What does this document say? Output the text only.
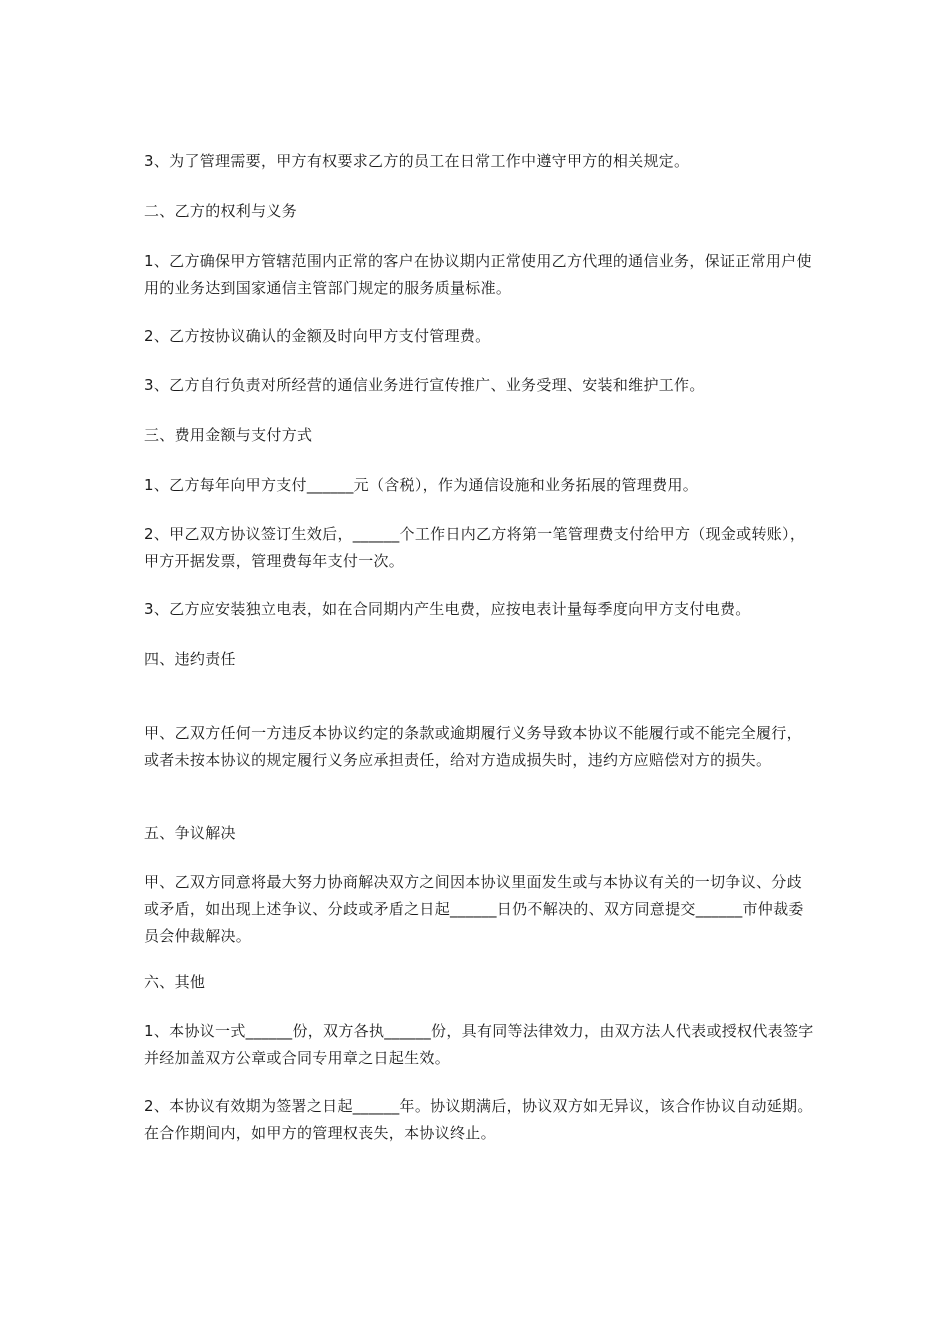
3、为了管理需要，甲方有权要求乙方的员工在日常工作中遵守甲方的相关规定。

二、乙方的权利与义务

1、乙方确保甲方管辖范围内正常的客户在协议期内正常使用乙方代理的通信业务，保证正常用户使用的业务达到国家通信主管部门规定的服务质量标准。

2、乙方按协议确认的金额及时向甲方支付管理费。

3、乙方自行负责对所经营的通信业务进行宣传推广、业务受理、安装和维护工作。

三、费用金额与支付方式

1、乙方每年向甲方支付______元（含税），作为通信设施和业务拓展的管理费用。

2、甲乙双方协议签订生效后，______个工作日内乙方将第一笔管理费支付给甲方（现金或转账），甲方开据发票，管理费每年支付一次。

3、乙方应安装独立电表，如在合同期内产生电费，应按电表计量每季度向甲方支付电费。

四、违约责任

甲、乙双方任何一方违反本协议约定的条款或逾期履行义务导致本协议不能履行或不能完全履行，或者未按本协议的规定履行义务应承担责任，给对方造成损失时，违约方应赔偿对方的损失。

五、争议解决

甲、乙双方同意将最大努力协商解决双方之间因本协议里面发生或与本协议有关的一切争议、分歧或矛盾，如出现上述争议、分歧或矛盾之日起______日仍不解决的、双方同意提交______市仲裁委员会仲裁解决。

六、其他

1、本协议一式______份，双方各执______份，具有同等法律效力，由双方法人代表或授权代表签字并经加盖双方公章或合同专用章之日起生效。

2、本协议有效期为签署之日起______年。协议期满后，协议双方如无异议，该合作协议自动延期。在合作期间内，如甲方的管理权丧失，本协议终止。
